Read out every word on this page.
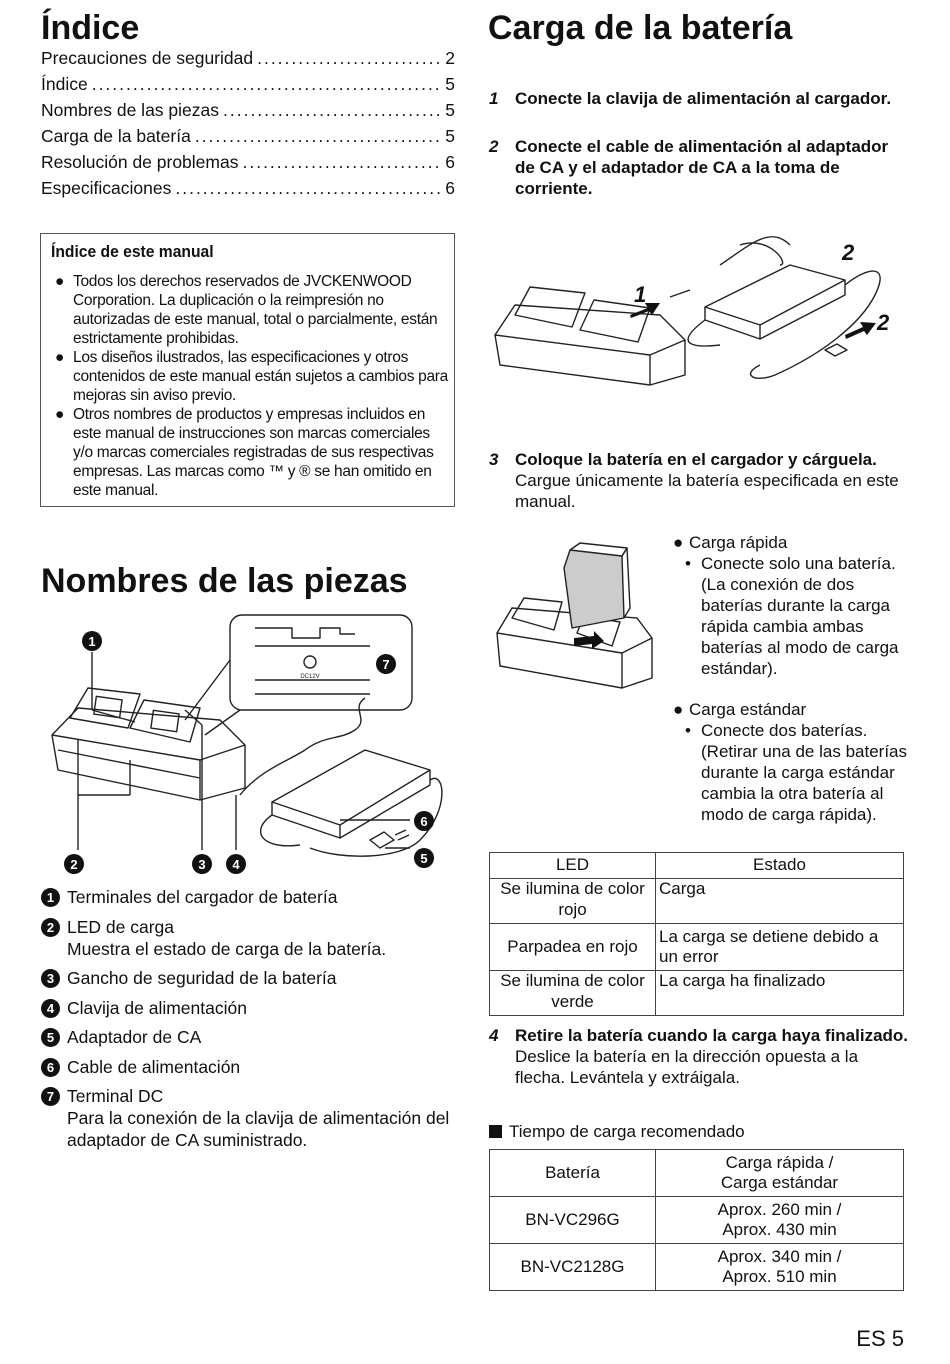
Índice
Precauciones de seguridad .....	2
Índice .....	5
Nombres de las piezas .....	5
Carga de la batería .....	5
Resolución de problemas .....	6
Especificaciones .....	6
Índice de este manual
● Todos los derechos reservados de JVCKENWOOD Corporation. La duplicación o la reimpresión no autorizadas de este manual, total o parcialmente, están estrictamente prohibidas.
● Los diseños ilustrados, las especificaciones y otros contenidos de este manual están sujetos a cambios para mejoras sin aviso previo.
● Otros nombres de productos y empresas incluidos en este manual de instrucciones son marcas comerciales y/o marcas comerciales registradas de sus respectivas empresas. Las marcas como ™ y ® se han omitido en este manual.
Nombres de las piezas
1
2	3 4	5
6
7
DC12V
1 Terminales del cargador de batería
2 LED de carga
Muestra el estado de carga de la batería.
3 Gancho de seguridad de la batería
4 Clavija de alimentación
5 Adaptador de CA
6 Cable de alimentación
7 Terminal DC
Para la conexión de la clavija de alimentación del adaptador de CA suministrado.
Carga de la batería
1 Conecte la clavija de alimentación al cargador.
2 Conecte el cable de alimentación al adaptador de CA y el adaptador de CA a la toma de corriente.
1
2
2
3 Coloque la batería en el cargador y cárguela.
Cargue únicamente la batería especificada en este manual.
● Carga rápida
• Conecte solo una batería.
(La conexión de dos baterías durante la carga rápida cambia ambas baterías al modo de carga estándar).
● Carga estándar
• Conecte dos baterías.
(Retirar una de las baterías durante la carga estándar cambia la otra batería al modo de carga rápida).
LED	Estado
Se ilumina de color rojo	Carga
Parpadea en rojo	La carga se detiene debido a un error
Se ilumina de color verde	La carga ha finalizado
4 Retire la batería cuando la carga haya finalizado.
Deslice la batería en la dirección opuesta a la flecha. Levántela y extráigala.
Tiempo de carga recomendado
Batería	Carga rápida / Carga estándar
BN-VC296G	Aprox. 260 min / Aprox. 430 min
BN-VC2128G	Aprox. 340 min / Aprox. 510 min
ES 5
